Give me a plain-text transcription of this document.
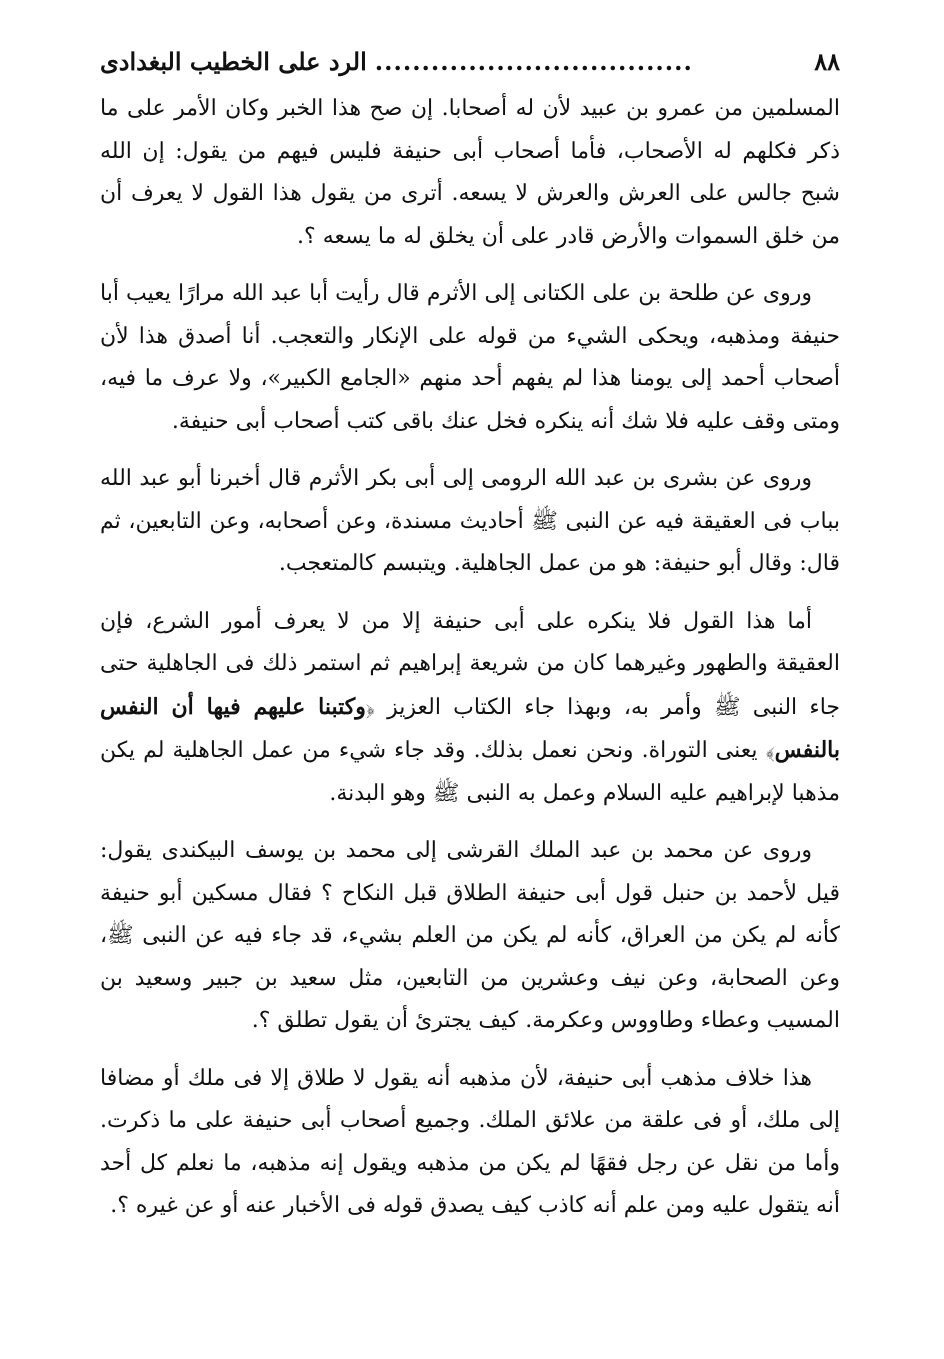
٨٨
..................................
الرد على الخطيب البغدادى

المسلمين من عمرو بن عبيد لأن له أصحابا. إن صح هذا الخبر وكان الأمر على ما ذكر فكلهم له الأصحاب، فأما أصحاب أبى حنيفة فليس فيهم من يقول: إن الله شبح جالس على العرش والعرش لا يسعه. أترى من يقول هذا القول لا يعرف أن من خلق السموات والأرض قادر على أن يخلق له ما يسعه ؟.

وروى عن طلحة بن على الكتانى إلى الأثرم قال رأيت أبا عبد الله مرارًا يعيب أبا حنيفة ومذهبه، ويحكى الشيء من قوله على الإنكار والتعجب. أنا أصدق هذا لأن أصحاب أحمد إلى يومنا هذا لم يفهم أحد منهم «الجامع الكبير»، ولا عرف ما فيه، ومتى وقف عليه فلا شك أنه ينكره فخل عنك باقى كتب أصحاب أبى حنيفة.

وروى عن بشرى بن عبد الله الرومى إلى أبى بكر الأثرم قال أخبرنا أبو عبد الله بباب فى العقيقة فيه عن النبى ﷺ أحاديث مسندة، وعن أصحابه، وعن التابعين، ثم قال: وقال أبو حنيفة: هو من عمل الجاهلية. ويتبسم كالمتعجب.

أما هذا القول فلا ينكره على أبى حنيفة إلا من لا يعرف أمور الشرع، فإن العقيقة والطهور وغيرهما كان من شريعة إبراهيم ثم استمر ذلك فى الجاهلية حتى جاء النبى ﷺ وأمر به، وبهذا جاء الكتاب العزيز ﴿وكتبنا عليهم فيها أن النفس بالنفس﴾ يعنى التوراة. ونحن نعمل بذلك. وقد جاء شيء من عمل الجاهلية لم يكن مذهبا لإبراهيم عليه السلام وعمل به النبى ﷺ وهو البدنة.

وروى عن محمد بن عبد الملك القرشى إلى محمد بن يوسف البيكندى يقول: قيل لأحمد بن حنبل قول أبى حنيفة الطلاق قبل النكاح ؟ فقال مسكين أبو حنيفة كأنه لم يكن من العراق، كأنه لم يكن من العلم بشيء، قد جاء فيه عن النبى ﷺ، وعن الصحابة، وعن نيف وعشرين من التابعين، مثل سعيد بن جبير وسعيد بن المسيب وعطاء وطاووس وعكرمة. كيف يجترئ أن يقول تطلق ؟.

هذا خلاف مذهب أبى حنيفة، لأن مذهبه أنه يقول لا طلاق إلا فى ملك أو مضافا إلى ملك، أو فى علقة من علائق الملك. وجميع أصحاب أبى حنيفة على ما ذكرت. وأما من نقل عن رجل فقهًا لم يكن من مذهبه ويقول إنه مذهبه، ما نعلم كل أحد أنه يتقول عليه ومن علم أنه كاذب كيف يصدق قوله فى الأخبار عنه أو عن غيره ؟.
